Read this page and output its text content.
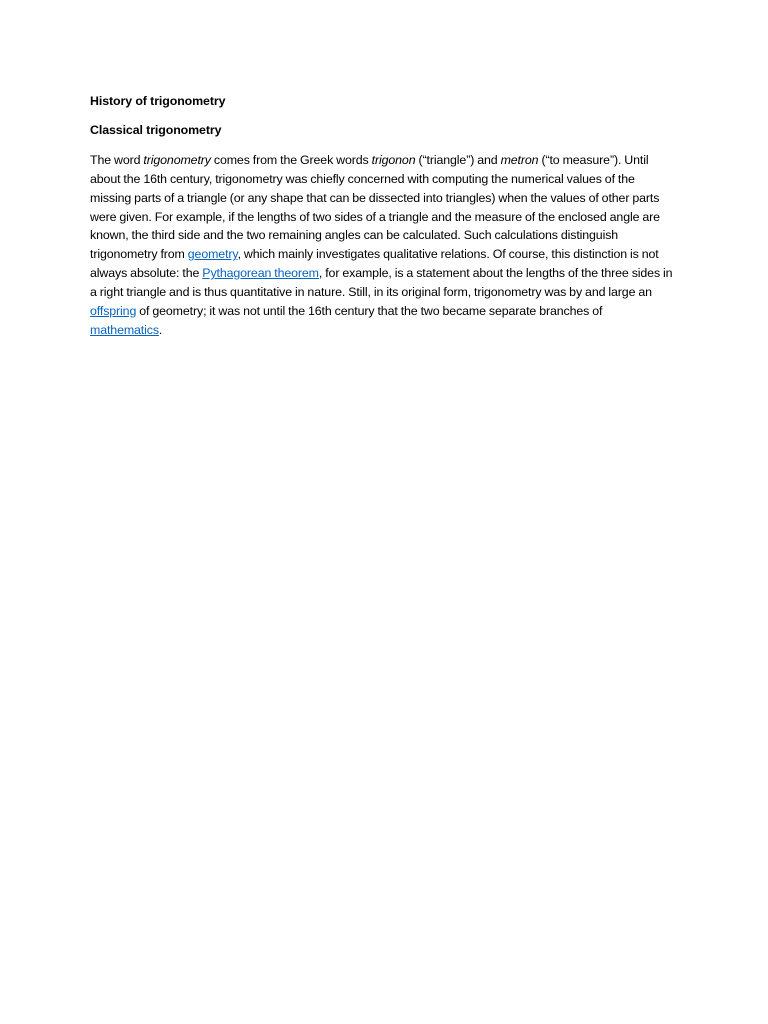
History of trigonometry

Classical trigonometry

The word trigonometry comes from the Greek words trigonon (“triangle”) and metron (“to measure”). Until about the 16th century, trigonometry was chiefly concerned with computing the numerical values of the missing parts of a triangle (or any shape that can be dissected into triangles) when the values of other parts were given. For example, if the lengths of two sides of a triangle and the measure of the enclosed angle are known, the third side and the two remaining angles can be calculated. Such calculations distinguish trigonometry from geometry, which mainly investigates qualitative relations. Of course, this distinction is not always absolute: the Pythagorean theorem, for example, is a statement about the lengths of the three sides in a right triangle and is thus quantitative in nature. Still, in its original form, trigonometry was by and large an offspring of geometry; it was not until the 16th century that the two became separate branches of mathematics.
